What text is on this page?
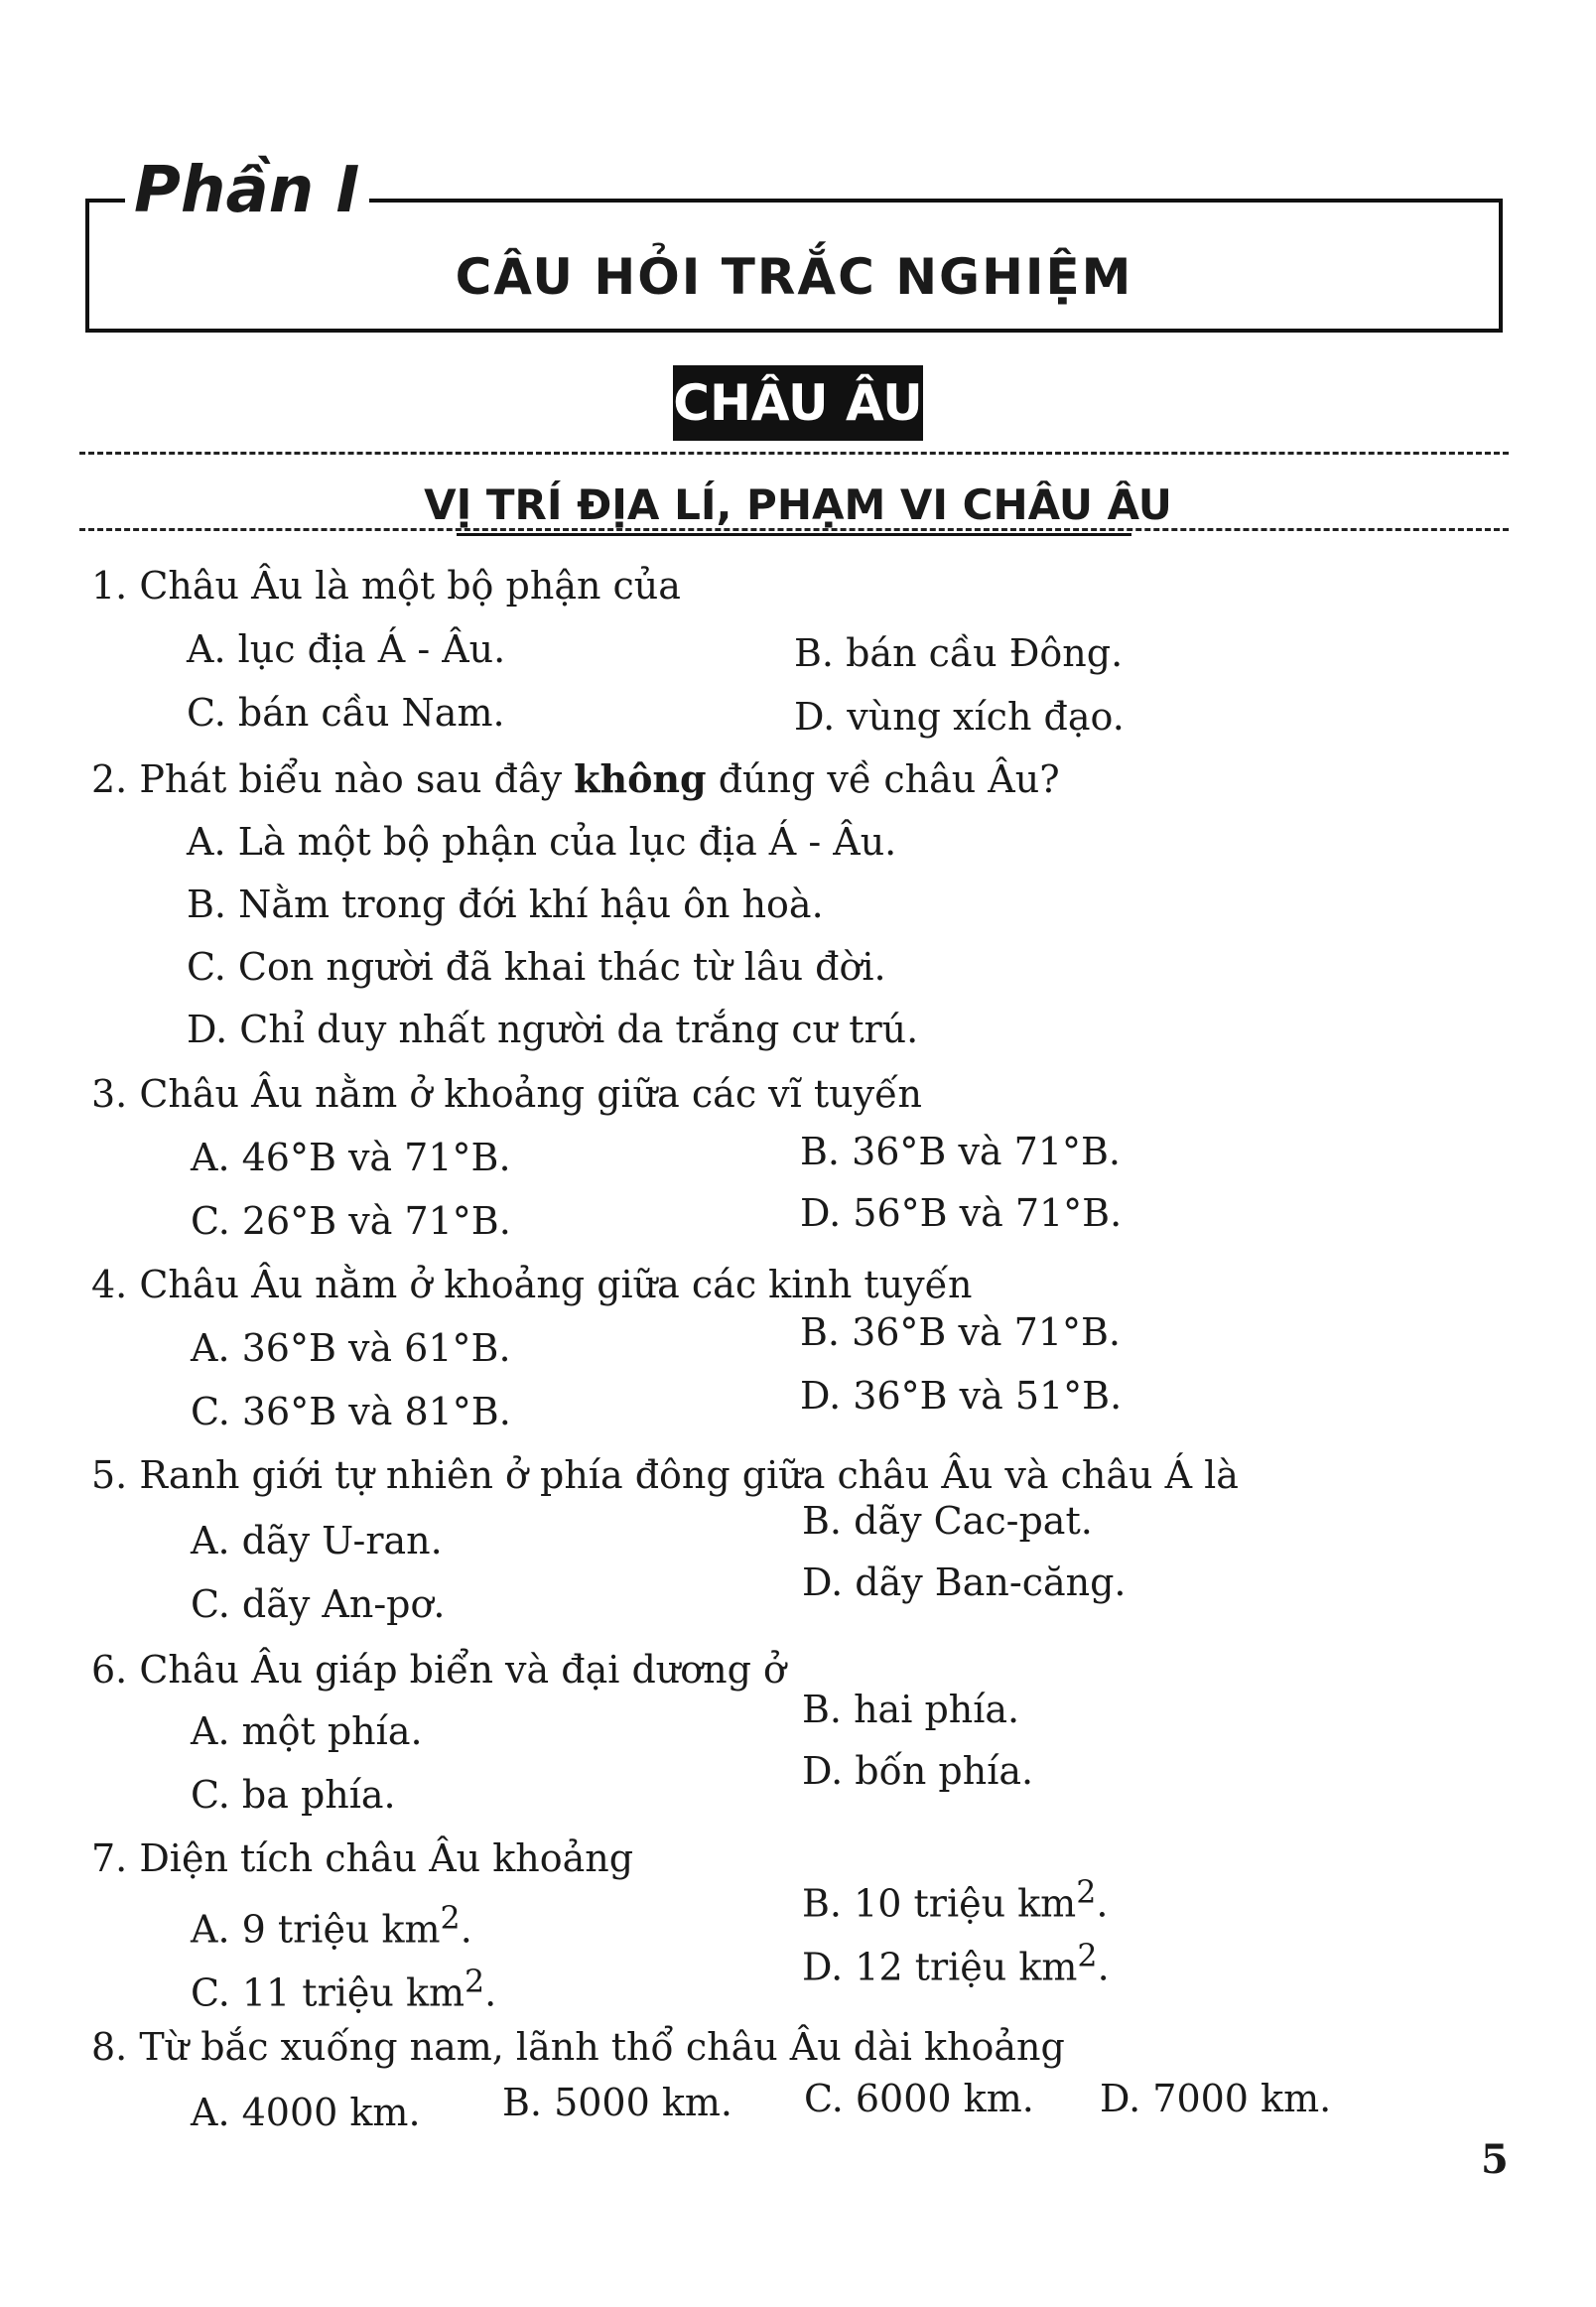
Phần I
CÂU HỎI TRẮC NGHIỆM
CHÂU ÂU
VỊ TRÍ ĐỊA LÍ, PHẠM VI CHÂU ÂU
1. Châu Âu là một bộ phận của
A. lục địa Á - Âu.	B. bán cầu Đông.
C. bán cầu Nam.	D. vùng xích đạo.
2. Phát biểu nào sau đây không đúng về châu Âu?
A. Là một bộ phận của lục địa Á - Âu.
B. Nằm trong đới khí hậu ôn hoà.
C. Con người đã khai thác từ lâu đời.
D. Chỉ duy nhất người da trắng cư trú.
3. Châu Âu nằm ở khoảng giữa các vĩ tuyến
A. 46°B và 71°B.	B. 36°B và 71°B.
C. 26°B và 71°B.	D. 56°B và 71°B.
4. Châu Âu nằm ở khoảng giữa các kinh tuyến
A. 36°B và 61°B.	B. 36°B và 71°B.
C. 36°B và 81°B.	D. 36°B và 51°B.
5. Ranh giới tự nhiên ở phía đông giữa châu Âu và châu Á là
A. dãy U-ran.	B. dãy Cac-pat.
C. dãy An-pơ.	D. dãy Ban-căng.
6. Châu Âu giáp biển và đại dương ở
A. một phía.	B. hai phía.
C. ba phía.
D. bốn phía.
7. Diện tích châu Âu khoảng
A. 9 triệu $km^2$.
B. 10 triệu $km^2$.
C. 11 triệu $km^2$.
D. 12 triệu $km^2$.
8. Từ bắc xuống nam, lãnh thổ châu Âu dài khoảng
A. 4000 km. B. 5000 km. C. 6000 km. D. 7000 km.
5
